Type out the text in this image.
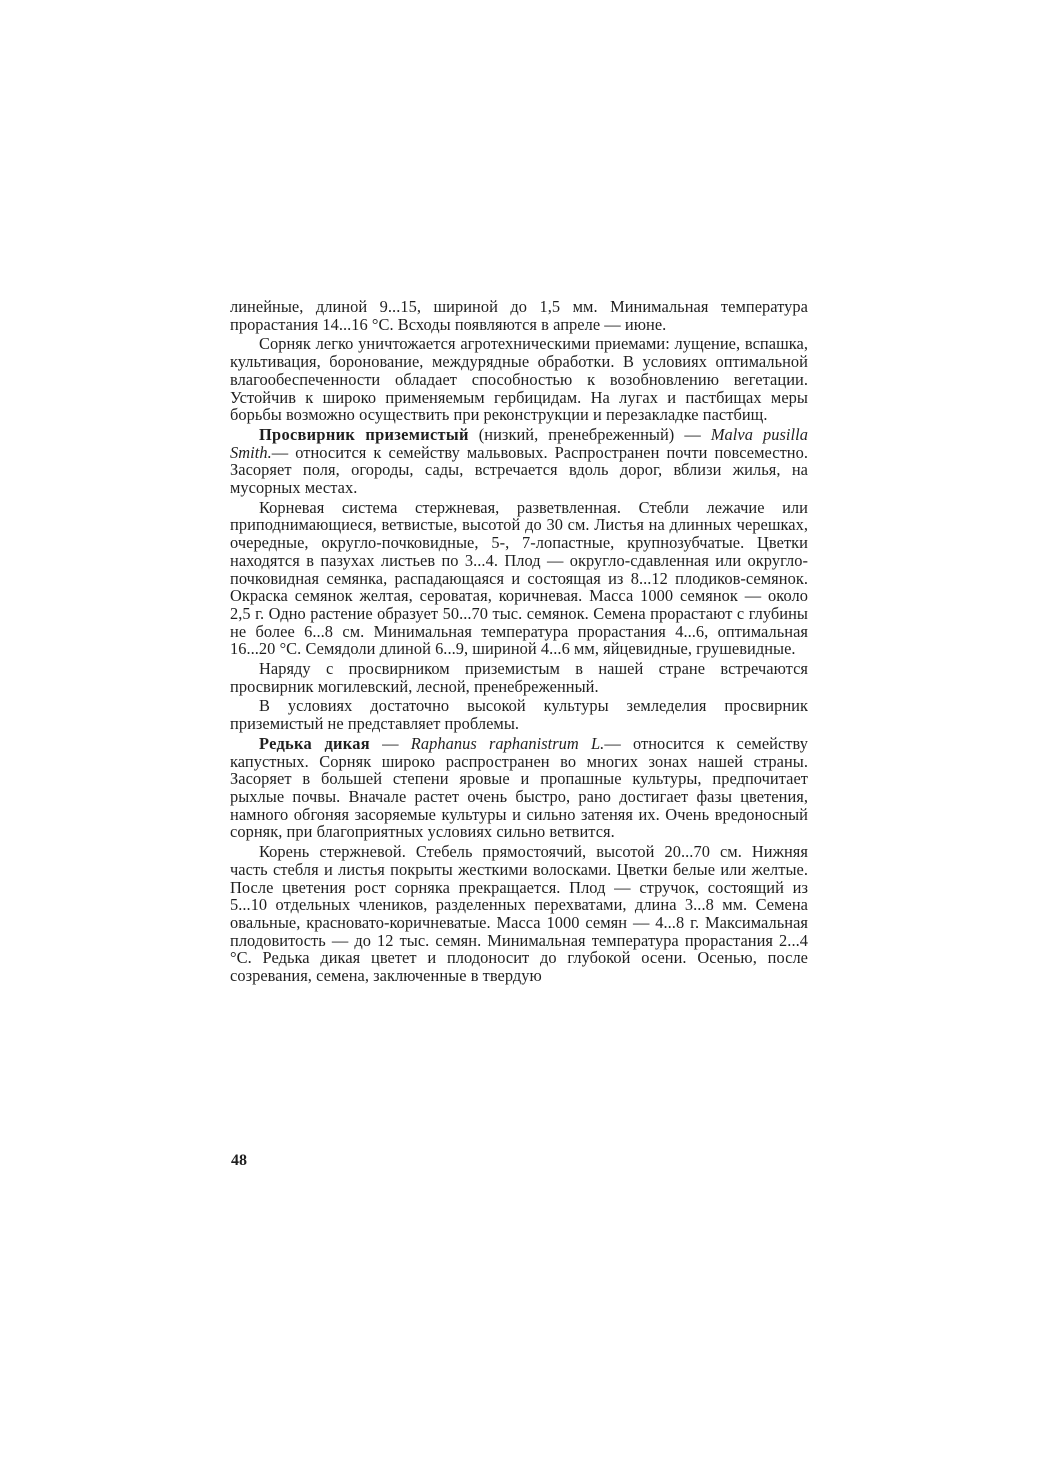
линейные, длиной 9...15, шириной до 1,5 мм. Минимальная температура прорастания 14...16 °С. Всходы появляются в апреле — июне.

Сорняк легко уничтожается агротехническими приемами: лущение, вспашка, культивация, боронование, междурядные обработки. В условиях оптимальной влагообеспеченности обладает способностью к возобновлению вегетации. Устойчив к широко применяемым гербицидам. На лугах и пастбищах меры борьбы возможно осуществить при реконструкции и перезакладке пастбищ.

Просвирник приземистый (низкий, пренебреженный) — Malva pusilla Smith.— относится к семейству мальвовых. Распространен почти повсеместно. Засоряет поля, огороды, сады, встречается вдоль дорог, вблизи жилья, на мусорных местах.

Корневая система стержневая, разветвленная. Стебли лежачие или приподнимающиеся, ветвистые, высотой до 30 см. Листья на длинных черешках, очередные, округло-почковидные, 5-, 7-лопастные, крупнозубчатые. Цветки находятся в пазухах листьев по 3...4. Плод — округло-сдавленная или округло-почковидная семянка, распадающаяся и состоящая из 8...12 плодиков-семянок. Окраска семянок желтая, сероватая, коричневая. Масса 1000 семянок — около 2,5 г. Одно растение образует 50...70 тыс. семянок. Семена прорастают с глубины не более 6...8 см. Минимальная температура прорастания 4...6, оптимальная 16...20 °С. Семядоли длиной 6...9, шириной 4...6 мм, яйцевидные, грушевидные.

Наряду с просвирником приземистым в нашей стране встречаются просвирник могилевский, лесной, пренебреженный.

В условиях достаточно высокой культуры земледелия просвирник приземистый не представляет проблемы.

Редька дикая — Raphanus raphanistrum L.— относится к семейству капустных. Сорняк широко распространен во многих зонах нашей страны. Засоряет в большей степени яровые и пропашные культуры, предпочитает рыхлые почвы. Вначале растет очень быстро, рано достигает фазы цветения, намного обгоняя засоряемые культуры и сильно затеняя их. Очень вредоносный сорняк, при благоприятных условиях сильно ветвится.

Корень стержневой. Стебель прямостоячий, высотой 20...70 см. Нижняя часть стебля и листья покрыты жесткими волосками. Цветки белые или желтые. После цветения рост сорняка прекращается. Плод — стручок, состоящий из 5...10 отдельных члеников, разделенных перехватами, длина 3...8 мм. Семена овальные, красновато-коричневатые. Масса 1000 семян — 4...8 г. Максимальная плодовитость — до 12 тыс. семян. Минимальная температура прорастания 2...4 °С. Редька дикая цветет и плодоносит до глубокой осени. Осенью, после созревания, семена, заключенные в твердую

48
